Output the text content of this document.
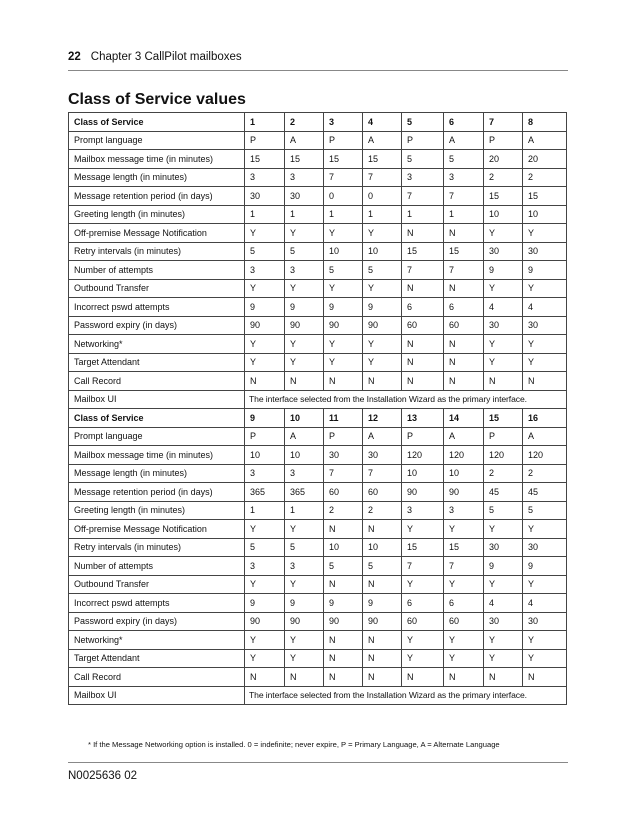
22 Chapter 3 CallPilot mailboxes
Class of Service values
Class of Service	1	2	3	4	5	6	7	8
Prompt language	P	A	P	A	P	A	P	A
Mailbox message time (in minutes)	15	15	15	15	5	5	20	20
Message length (in minutes)	3	3	7	7	3	3	2	2
Message retention period (in days)	30	30	0	0	7	7	15	15
Greeting length (in minutes)	1	1	1	1	1	1	10	10
Off-premise Message Notification	Y	Y	Y	Y	N	N	Y	Y
Retry intervals (in minutes)	5	5	10	10	15	15	30	30
Number of attempts	3	3	5	5	7	7	9	9
Outbound Transfer	Y	Y	Y	Y	N	N	Y	Y
Incorrect pswd attempts	9	9	9	9	6	6	4	4
Password expiry (in days)	90	90	90	90	60	60	30	30
Networking*	Y	Y	Y	Y	N	N	Y	Y
Target Attendant	Y	Y	Y	Y	N	N	Y	Y
Call Record	N	N	N	N	N	N	N	N
Mailbox UI	The interface selected from the Installation Wizard as the primary interface.							
Class of Service	9	10	11	12	13	14	15	16
Prompt language	P	A	P	A	P	A	P	A
Mailbox message time (in minutes)	10	10	30	30	120	120	120	120
Message length (in minutes)	3	3	7	7	10	10	2	2
Message retention period (in days)	365	365	60	60	90	90	45	45
Greeting length (in minutes)	1	1	2	2	3	3	5	5
Off-premise Message Notification	Y	Y	N	N	Y	Y	Y	Y
Retry intervals (in minutes)	5	5	10	10	15	15	30	30
Number of attempts	3	3	5	5	7	7	9	9
Outbound Transfer	Y	Y	N	N	Y	Y	Y	Y
Incorrect pswd attempts	9	9	9	9	6	6	4	4
Password expiry (in days)	90	90	90	90	60	60	30	30
Networking*	Y	Y	N	N	Y	Y	Y	Y
Target Attendant	Y	Y	N	N	Y	Y	Y	Y
Call Record	N	N	N	N	N	N	N	N
Mailbox UI	The interface selected from the Installation Wizard as the primary interface.							
* If the Message Networking option is installed. 0 = indefinite; never expire, P = Primary Language, A = Alternate Language
N0025636 02
